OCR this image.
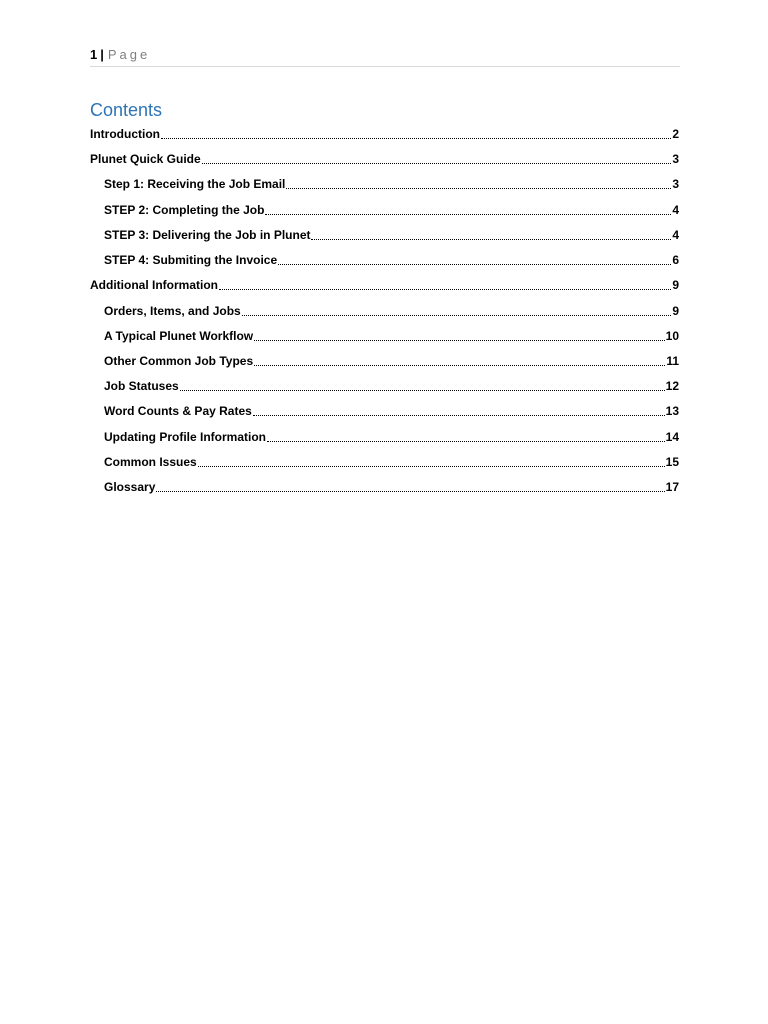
1 | Page
Contents
Introduction	2
Plunet Quick Guide	3
Step 1: Receiving the Job Email	3
STEP 2: Completing the Job	4
STEP 3: Delivering the Job in Plunet	4
STEP 4: Submiting the Invoice	6
Additional Information	9
Orders, Items, and Jobs	9
A Typical Plunet Workflow	10
Other Common Job Types	11
Job Statuses	12
Word Counts & Pay Rates	13
Updating Profile Information	14
Common Issues	15
Glossary	17
